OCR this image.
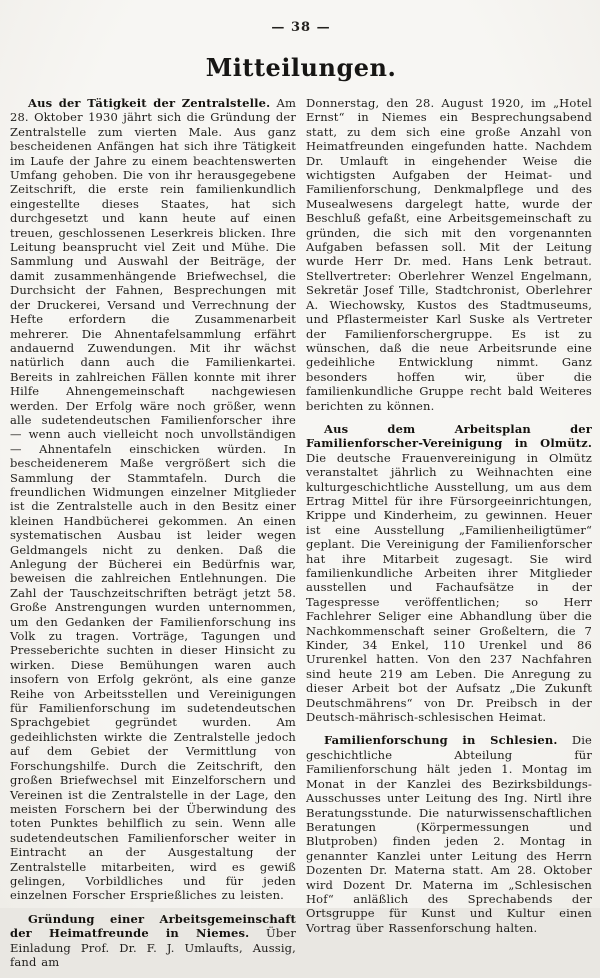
— 38 —
Mitteilungen.

Aus der Tätigkeit der Zentralstelle. Am 28. Oktober 1930 jährt sich die Gründung der Zentralstelle zum vierten Male. Aus ganz bescheidenen Anfängen hat sich ihre Tätigkeit im Laufe der Jahre zu einem beachtenswerten Umfang gehoben. Die von ihr herausgegebene Zeitschrift, die erste rein familienkundlich eingestellte dieses Staates, hat sich durchgesetzt und kann heute auf einen treuen, geschlossenen Leserkreis blicken. Ihre Leitung beansprucht viel Zeit und Mühe. Die Sammlung und Auswahl der Beiträge, der damit zusammenhängende Briefwechsel, die Durchsicht der Fahnen, Besprechungen mit der Druckerei, Versand und Verrechnung der Hefte erfordern die Zusammenarbeit mehrerer. Die Ahnentafelsammlung erfährt andauernd Zuwendungen. Mit ihr wächst natürlich dann auch die Familienkartei. Bereits in zahlreichen Fällen konnte mit ihrer Hilfe Ahnengemeinschaft nachgewiesen werden. Der Erfolg wäre noch größer, wenn alle sudetendeutschen Familienforscher ihre — wenn auch vielleicht noch unvollständigen — Ahnentafeln einschicken würden. In bescheidenerem Maße vergrößert sich die Sammlung der Stammtafeln. Durch die freundlichen Widmungen einzelner Mitglieder ist die Zentralstelle auch in den Besitz einer kleinen Handbücherei gekommen. An einen systematischen Ausbau ist leider wegen Geldmangels nicht zu denken. Daß die Anlegung der Bücherei ein Bedürfnis war, beweisen die zahlreichen Entlehnungen. Die Zahl der Tauschzeitschriften beträgt jetzt 58. Große Anstrengungen wurden unternommen, um den Gedanken der Familienforschung ins Volk zu tragen. Vorträge, Tagungen und Presseberichte suchten in dieser Hinsicht zu wirken. Diese Bemühungen waren auch insofern von Erfolg gekrönt, als eine ganze Reihe von Arbeitsstellen und Vereinigungen für Familienforschung im sudetendeutschen Sprachgebiet gegründet wurden. Am gedeihlichsten wirkte die Zentralstelle jedoch auf dem Gebiet der Vermittlung von Forschungshilfe. Durch die Zeitschrift, den großen Briefwechsel mit Einzelforschern und Vereinen ist die Zentralstelle in der Lage, den meisten Forschern bei der Überwindung des toten Punktes behilflich zu sein. Wenn alle sudetendeutschen Familienforscher weiter in Eintracht an der Ausgestaltung der Zentralstelle mitarbeiten, wird es gewiß gelingen, Vorbildliches und für jeden einzelnen Forscher Ersprießliches zu leisten.

Gründung einer Arbeitsgemeinschaft der Heimatfreunde in Niemes. Über Einladung Prof. Dr. F. J. Umlaufts, Aussig, fand am

Donnerstag, den 28. August 1920, im „Hotel Ernst“ in Niemes ein Besprechungsabend statt, zu dem sich eine große Anzahl von Heimatfreunden eingefunden hatte. Nachdem Dr. Umlauft in eingehender Weise die wichtigsten Aufgaben der Heimat- und Familienforschung, Denkmalpflege und des Musealwesens dargelegt hatte, wurde der Beschluß gefaßt, eine Arbeitsgemeinschaft zu gründen, die sich mit den vorgenannten Aufgaben befassen soll. Mit der Leitung wurde Herr Dr. med. Hans Lenk betraut. Stellvertreter: Oberlehrer Wenzel Engelmann, Sekretär Josef Tille, Stadtchronist, Oberlehrer A. Wiechowsky, Kustos des Stadtmuseums, und Pflastermeister Karl Suske als Vertreter der Familienforschergruppe. Es ist zu wünschen, daß die neue Arbeitsrunde eine gedeihliche Entwicklung nimmt. Ganz besonders hoffen wir, über die familienkundliche Gruppe recht bald Weiteres berichten zu können.

Aus dem Arbeitsplan der Familienforscher-Vereinigung in Olmütz. Die deutsche Frauenvereinigung in Olmütz veranstaltet jährlich zu Weihnachten eine kulturgeschichtliche Ausstellung, um aus dem Ertrag Mittel für ihre Fürsorgeeinrichtungen, Krippe und Kinderheim, zu gewinnen. Heuer ist eine Ausstellung „Familienheiligtümer“ geplant. Die Vereinigung der Familienforscher hat ihre Mitarbeit zugesagt. Sie wird familienkundliche Arbeiten ihrer Mitglieder ausstellen und Fachaufsätze in der Tagespresse veröffentlichen; so Herr Fachlehrer Seliger eine Abhandlung über die Nachkommenschaft seiner Großeltern, die 7 Kinder, 34 Enkel, 110 Urenkel und 86 Ururenkel hatten. Von den 237 Nachfahren sind heute 219 am Leben. Die Anregung zu dieser Arbeit bot der Aufsatz „Die Zukunft Deutschmährens“ von Dr. Preibsch in der Deutsch-mährisch-schlesischen Heimat.

Familienforschung in Schlesien. Die geschichtliche Abteilung für Familienforschung hält jeden 1. Montag im Monat in der Kanzlei des Bezirksbildungs-Ausschusses unter Leitung des Ing. Nirtl ihre Beratungsstunde. Die naturwissenschaftlichen Beratungen (Körpermessungen und Blutproben) finden jeden 2. Montag in genannter Kanzlei unter Leitung des Herrn Dozenten Dr. Materna statt. Am 28. Oktober wird Dozent Dr. Materna im „Schlesischen Hof“ anläßlich des Sprechabends der Ortsgruppe für Kunst und Kultur einen Vortrag über Rassenforschung halten.
